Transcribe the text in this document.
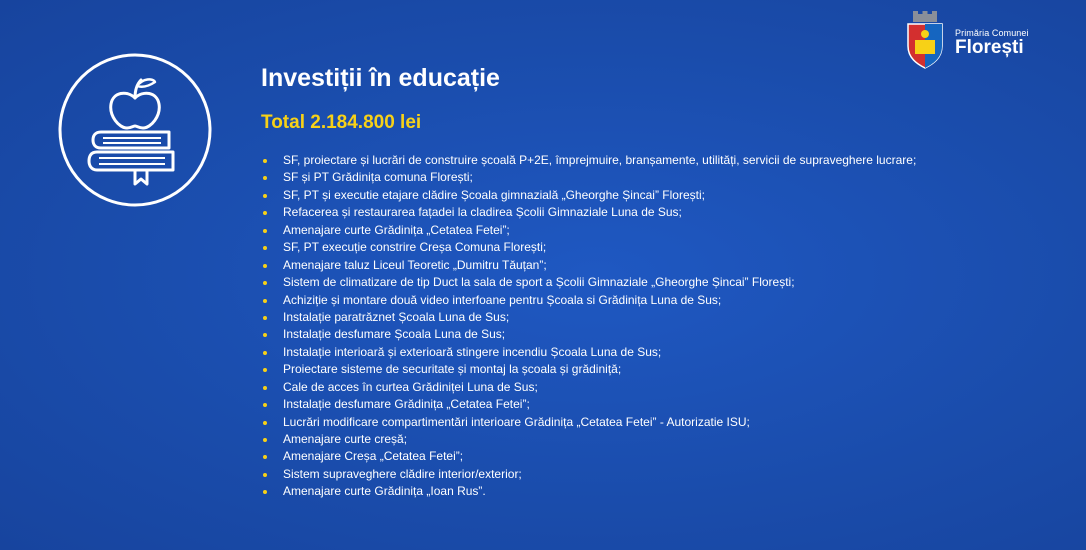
Primăria Comunei
Florești
Investiții în educație
Total 2.184.800 lei
SF, proiectare și lucrări de construire școală P+2E, împrejmuire, branșamente, utilități, servicii de supraveghere lucrare;
SF și PT Grădinița comuna Florești;
SF, PT și executie etajare clădire Școala gimnazială „Gheorghe Șincai” Florești;
Refacerea și restaurarea fațadei la cladirea Școlii Gimnaziale Luna de Sus;
Amenajare curte Grădinița „Cetatea Fetei”;
SF, PT execuție constrire Creșa Comuna Florești;
Amenajare taluz Liceul Teoretic „Dumitru Tăuțan”;
Sistem de climatizare de tip Duct la sala de sport a Școlii Gimnaziale „Gheorghe Șincai” Florești;
Achiziție și montare două video interfoane pentru Școala si Grădinița Luna de Sus;
Instalație paratrăznet Școala Luna de Sus;
Instalație desfumare Școala Luna de Sus;
Instalație interioară și exterioară stingere incendiu Școala Luna de Sus;
Proiectare sisteme de securitate și montaj la școala și grădiniță;
Cale de acces în curtea Grădiniței Luna de Sus;
Instalație desfumare Grădinița „Cetatea Fetei”;
Lucrări modificare compartimentări interioare Grădinița „Cetatea Fetei” - Autorizatie ISU;
Amenajare curte creșă;
Amenajare Creșa „Cetatea Fetei”;
Sistem supraveghere clădire interior/exterior;
Amenajare curte Grădinița „Ioan Rus”.
